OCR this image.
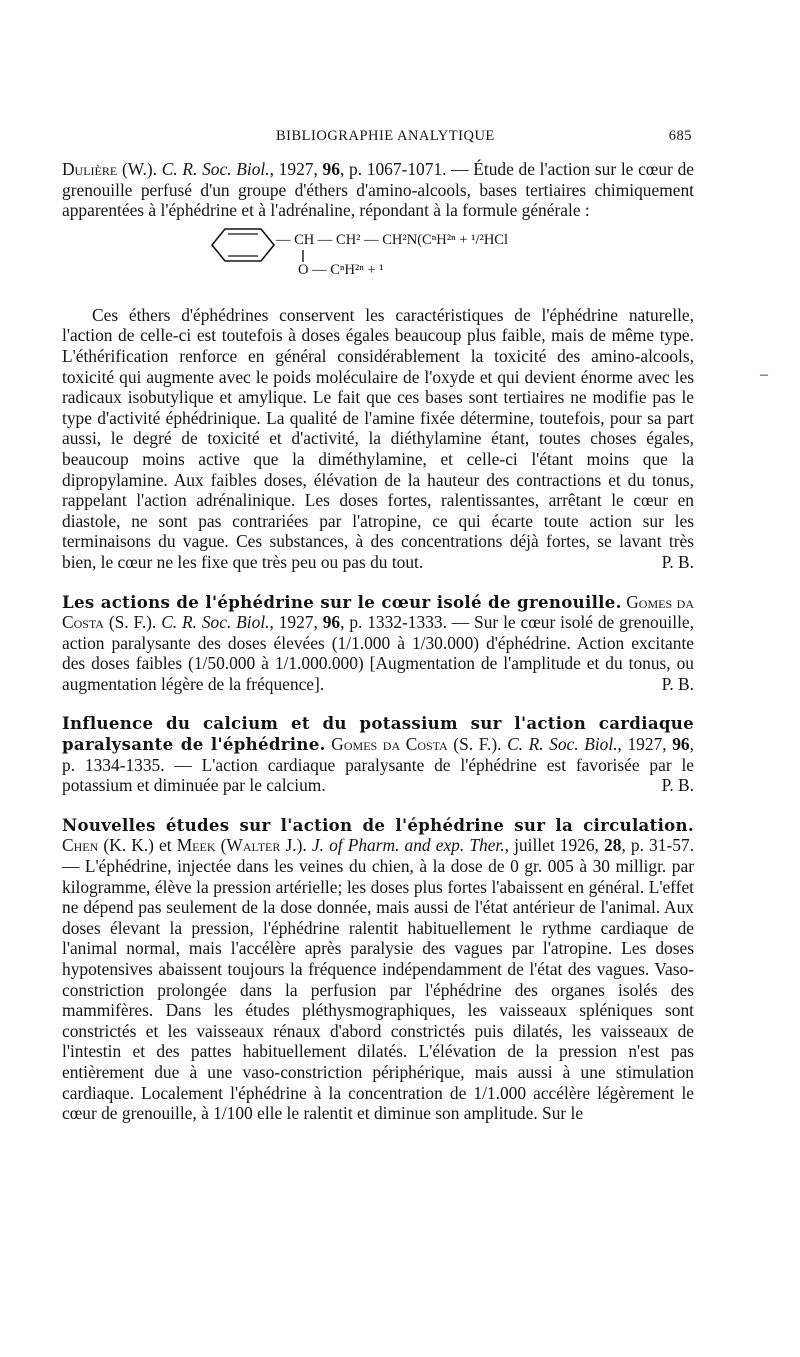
BIBLIOGRAPHIE ANALYTIQUE	685
–

Dulière (W.). C. R. Soc. Biol., 1927, 96, p. 1067-1071. — Étude de l'action sur le cœur de grenouille perfusé d'un groupe d'éthers d'amino-alcools, bases tertiaires chimiquement apparentées à l'éphédrine et à l'adrénaline, répondant à la formule générale :

— CH — CH² — CH²N(CⁿH²ⁿ + ¹/²HCl
O — CⁿH²ⁿ + ¹

Ces éthers d'éphédrines conservent les caractéristiques de l'éphédrine naturelle, l'action de celle-ci est toutefois à doses égales beaucoup plus faible, mais de même type. L'éthérification renforce en général considérablement la toxicité des amino-alcools, toxicité qui augmente avec le poids moléculaire de l'oxyde et qui devient énorme avec les radicaux isobutylique et amylique. Le fait que ces bases sont tertiaires ne modifie pas le type d'activité éphédrinique. La qualité de l'amine fixée détermine, toutefois, pour sa part aussi, le degré de toxicité et d'activité, la diéthylamine étant, toutes choses égales, beaucoup moins active que la diméthylamine, et celle-ci l'étant moins que la dipropylamine. Aux faibles doses, élévation de la hauteur des contractions et du tonus, rappelant l'action adrénalinique. Les doses fortes, ralentissantes, arrêtant le cœur en diastole, ne sont pas contrariées par l'atropine, ce qui écarte toute action sur les terminaisons du vague. Ces substances, à des concentrations déjà fortes, se lavant très bien, le cœur ne les fixe que très peu ou pas du tout.	P. B.

Les actions de l'éphédrine sur le cœur isolé de grenouille. Gomes da Costa (S. F.). C. R. Soc. Biol., 1927, 96, p. 1332-1333. — Sur le cœur isolé de grenouille, action paralysante des doses élevées (1/1.000 à 1/30.000) d'éphédrine. Action excitante des doses faibles (1/50.000 à 1/1.000.000) [Augmentation de l'amplitude et du tonus, ou augmentation légère de la fréquence].	P. B.

Influence du calcium et du potassium sur l'action cardiaque paralysante de l'éphédrine. Gomes da Costa (S. F.). C. R. Soc. Biol., 1927, 96, p. 1334-1335. — L'action cardiaque paralysante de l'éphédrine est favorisée par le potassium et diminuée par le calcium.	P. B.

Nouvelles études sur l'action de l'éphédrine sur la circulation. Chen (K. K.) et Meek (Walter J.). J. of Pharm. and exp. Ther., juillet 1926, 28, p. 31-57. — L'éphédrine, injectée dans les veines du chien, à la dose de 0 gr. 005 à 30 milligr. par kilogramme, élève la pression artérielle; les doses plus fortes l'abaissent en général. L'effet ne dépend pas seulement de la dose donnée, mais aussi de l'état antérieur de l'animal. Aux doses élevant la pression, l'éphédrine ralentit habituellement le rythme cardiaque de l'animal normal, mais l'accélère après paralysie des vagues par l'atropine. Les doses hypotensives abaissent toujours la fréquence indépendamment de l'état des vagues. Vaso-constriction prolongée dans la perfusion par l'éphédrine des organes isolés des mammifères. Dans les études pléthysmographiques, les vaisseaux spléniques sont constrictés et les vaisseaux rénaux d'abord constrictés puis dilatés, les vaisseaux de l'intestin et des pattes habituellement dilatés. L'élévation de la pression n'est pas entièrement due à une vaso-constriction périphérique, mais aussi à une stimulation cardiaque. Localement l'éphédrine à la concentration de 1/1.000 accélère légèrement le cœur de grenouille, à 1/100 elle le ralentit et diminue son amplitude. Sur le
